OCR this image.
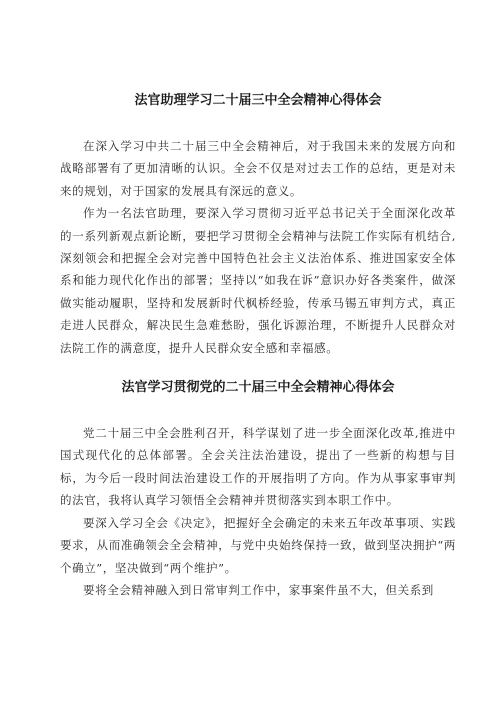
法官助理学习二十届三中全会精神心得体会

在深入学习中共二十届三中全会精神后，对于我国未来的发展方向和战略部署有了更加清晰的认识。全会不仅是对过去工作的总结，更是对未来的规划，对于国家的发展具有深远的意义。

作为一名法官助理，要深入学习贯彻习近平总书记关于全面深化改革的一系列新观点新论断，要把学习贯彻全会精神与法院工作实际有机结合,深刻领会和把握全会对完善中国特色社会主义法治体系、推进国家安全体系和能力现代化作出的部署；坚持以“如我在诉”意识办好各类案件，做深做实能动履职，坚持和发展新时代枫桥经验，传承马锡五审判方式，真正走进人民群众，解决民生急难愁盼，强化诉源治理，不断提升人民群众对法院工作的满意度，提升人民群众安全感和幸福感。

法官学习贯彻党的二十届三中全会精神心得体会

党二十届三中全会胜利召开，科学谋划了进一步全面深化改革,推进中国式现代化的总体部署。全会关注法治建设，提出了一些新的构想与目标，为今后一段时间法治建设工作的开展指明了方向。作为从事家事审判的法官，我将认真学习领悟全会精神并贯彻落实到本职工作中。

要深入学习全会《决定》，把握好全会确定的未来五年改革事项、实践要求，从而准确领会全会精神，与党中央始终保持一致，做到坚决拥护“两个确立”，坚决做到“两个维护”。

要将全会精神融入到日常审判工作中，家事案件虽不大，但关系到
